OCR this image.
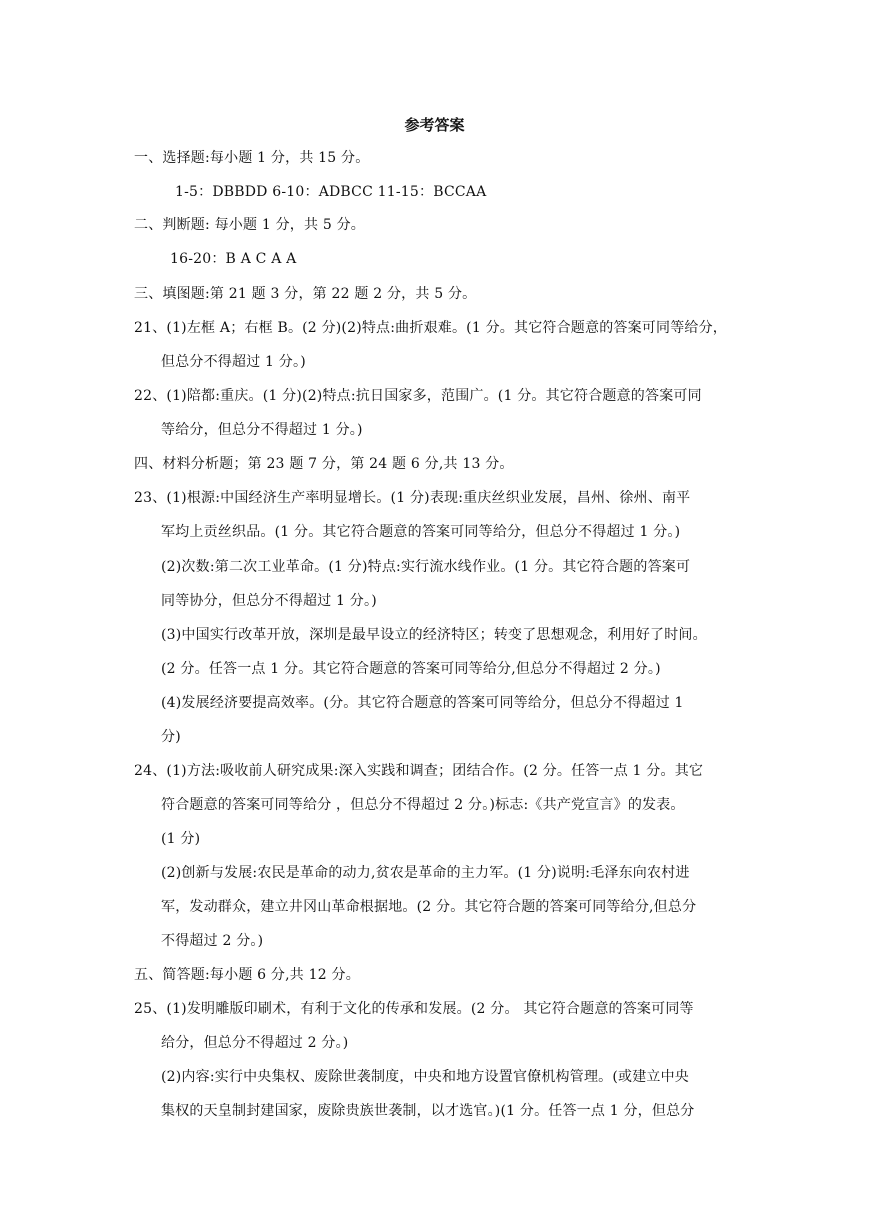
参考答案
一、选择题:每小题 1 分，共 15 分。
1-5：DBBDD 6-10：ADBCC 11-15：BCCAA
二、判断题: 每小题 1 分，共 5 分。
16-20：B A C A A
三、填图题:第 21 题 3 分，第 22 题 2 分，共 5 分。
21、(1)左框 A；右框 B。(2 分)(2)特点:曲折艰难。(1 分。其它符合题意的答案可同等给分，
但总分不得超过 1 分。)
22、(1)陪都:重庆。(1 分)(2)特点:抗日国家多，范围广。(1 分。其它符合题意的答案可同
等给分，但总分不得超过 1 分。)
四、材料分析题；第 23 题 7 分，第 24 题 6 分,共 13 分。
23、(1)根源:中国经济生产率明显增长。(1 分)表现:重庆丝织业发展，昌州、徐州、南平
军均上贡丝织品。(1 分。其它符合题意的答案可同等给分，但总分不得超过 1 分。)
(2)次数:第二次工业革命。(1 分)特点:实行流水线作业。(1 分。其它符合题的答案可
同等协分，但总分不得超过 1 分。)
(3)中国实行改革开放，深圳是最早设立的经济特区；转变了思想观念，利用好了时间。
(2 分。任答一点 1 分。其它符合题意的答案可同等给分,但总分不得超过 2 分。)
(4)发展经济要提高效率。(分。其它符合题意的答案可同等给分，但总分不得超过 1
分)
24、(1)方法:吸收前人研究成果:深入实践和调查；团结合作。(2 分。任答一点 1 分。其它
符合题意的答案可同等给分 ，但总分不得超过 2 分。)标志:《共产党宣言》的发表。
(1 分)
(2)创新与发展:农民是革命的动力,贫农是革命的主力军。(1 分)说明:毛泽东向农村进
军，发动群众，建立井冈山革命根据地。(2 分。其它符合题的答案可同等给分,但总分
不得超过 2 分。)
五、简答题:每小题 6 分,共 12 分。
25、(1)发明雕版印刷术，有利于文化的传承和发展。(2 分。 其它符合题意的答案可同等
给分，但总分不得超过 2 分。)
(2)内容:实行中央集权、废除世袭制度，中央和地方设置官僚机构管理。(或建立中央
集权的天皇制封建国家，废除贵族世袭制，以才选官。)(1 分。任答一点 1 分，但总分
